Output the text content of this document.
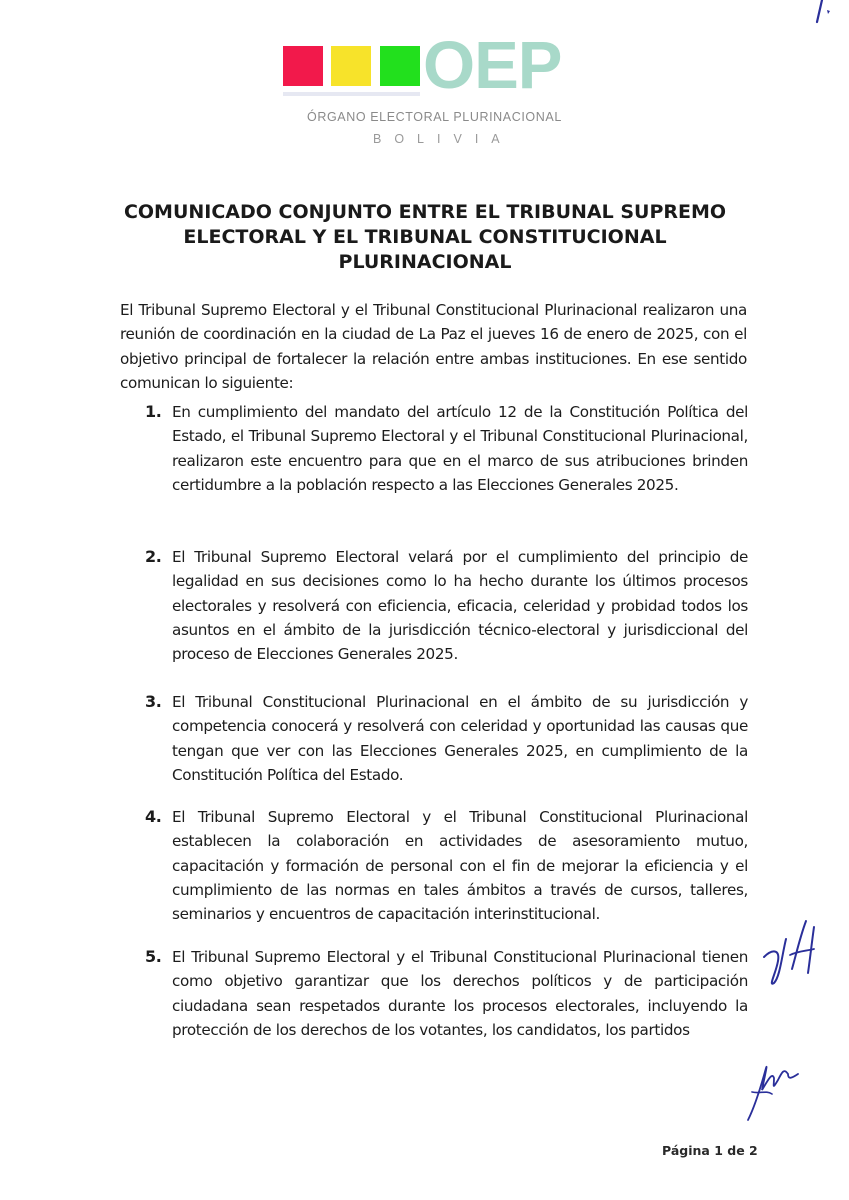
OEP
ÓRGANO ELECTORAL PLURINACIONAL
BOLIVIA
COMUNICADO CONJUNTO ENTRE EL TRIBUNAL SUPREMO ELECTORAL Y EL TRIBUNAL CONSTITUCIONAL PLURINACIONAL

El Tribunal Supremo Electoral y el Tribunal Constitucional Plurinacional realizaron una reunión de coordinación en la ciudad de La Paz el jueves 16 de enero de 2025, con el objetivo principal de fortalecer la relación entre ambas instituciones. En ese sentido comunican lo siguiente:

1. En cumplimiento del mandato del artículo 12 de la Constitución Política del Estado, el Tribunal Supremo Electoral y el Tribunal Constitucional Plurinacional, realizaron este encuentro para que en el marco de sus atribuciones brinden certidumbre a la población respecto a las Elecciones Generales 2025.
2. El Tribunal Supremo Electoral velará por el cumplimiento del principio de legalidad en sus decisiones como lo ha hecho durante los últimos procesos electorales y resolverá con eficiencia, eficacia, celeridad y probidad todos los asuntos en el ámbito de la jurisdicción técnico-electoral y jurisdiccional del proceso de Elecciones Generales 2025.
3. El Tribunal Constitucional Plurinacional en el ámbito de su jurisdicción y competencia conocerá y resolverá con celeridad y oportunidad las causas que tengan que ver con las Elecciones Generales 2025, en cumplimiento de la Constitución Política del Estado.
4. El Tribunal Supremo Electoral y el Tribunal Constitucional Plurinacional establecen la colaboración en actividades de asesoramiento mutuo, capacitación y formación de personal con el fin de mejorar la eficiencia y el cumplimiento de las normas en tales ámbitos a través de cursos, talleres, seminarios y encuentros de capacitación interinstitucional.
5. El Tribunal Supremo Electoral y el Tribunal Constitucional Plurinacional tienen como objetivo garantizar que los derechos políticos y de participación ciudadana sean respetados durante los procesos electorales, incluyendo la protección de los derechos de los votantes, los candidatos, los partidos
Página 1 de 2
